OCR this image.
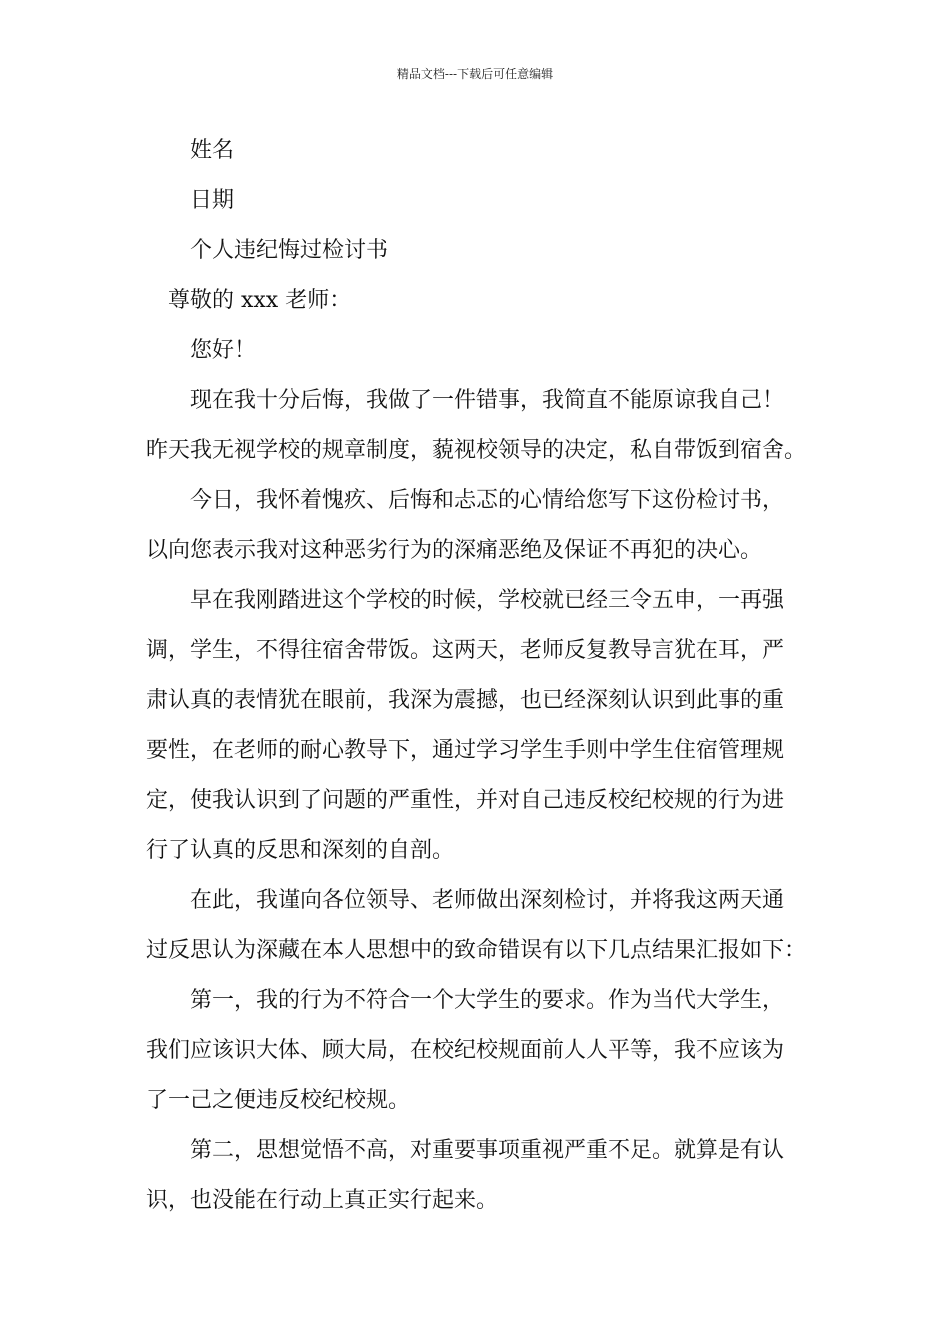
精品文档---下载后可任意编辑
姓名
日期
个人违纪悔过检讨书
尊敬的 xxx 老师：
您好！
现在我十分后悔，我做了一件错事，我简直不能原谅我自己！
昨天我无视学校的规章制度，藐视校领导的决定，私自带饭到宿舍。
今日，我怀着愧疚、后悔和忐忑的心情给您写下这份检讨书，
以向您表示我对这种恶劣行为的深痛恶绝及保证不再犯的决心。
早在我刚踏进这个学校的时候，学校就已经三令五申，一再强
调，学生，不得往宿舍带饭。这两天，老师反复教导言犹在耳，严
肃认真的表情犹在眼前，我深为震撼，也已经深刻认识到此事的重
要性，在老师的耐心教导下，通过学习学生手则中学生住宿管理规
定，使我认识到了问题的严重性，并对自己违反校纪校规的行为进
行了认真的反思和深刻的自剖。
在此，我谨向各位领导、老师做出深刻检讨，并将我这两天通
过反思认为深藏在本人思想中的致命错误有以下几点结果汇报如下：
第一，我的行为不符合一个大学生的要求。作为当代大学生，
我们应该识大体、顾大局，在校纪校规面前人人平等，我不应该为
了一己之便违反校纪校规。
第二，思想觉悟不高，对重要事项重视严重不足。就算是有认
识，也没能在行动上真正实行起来。
